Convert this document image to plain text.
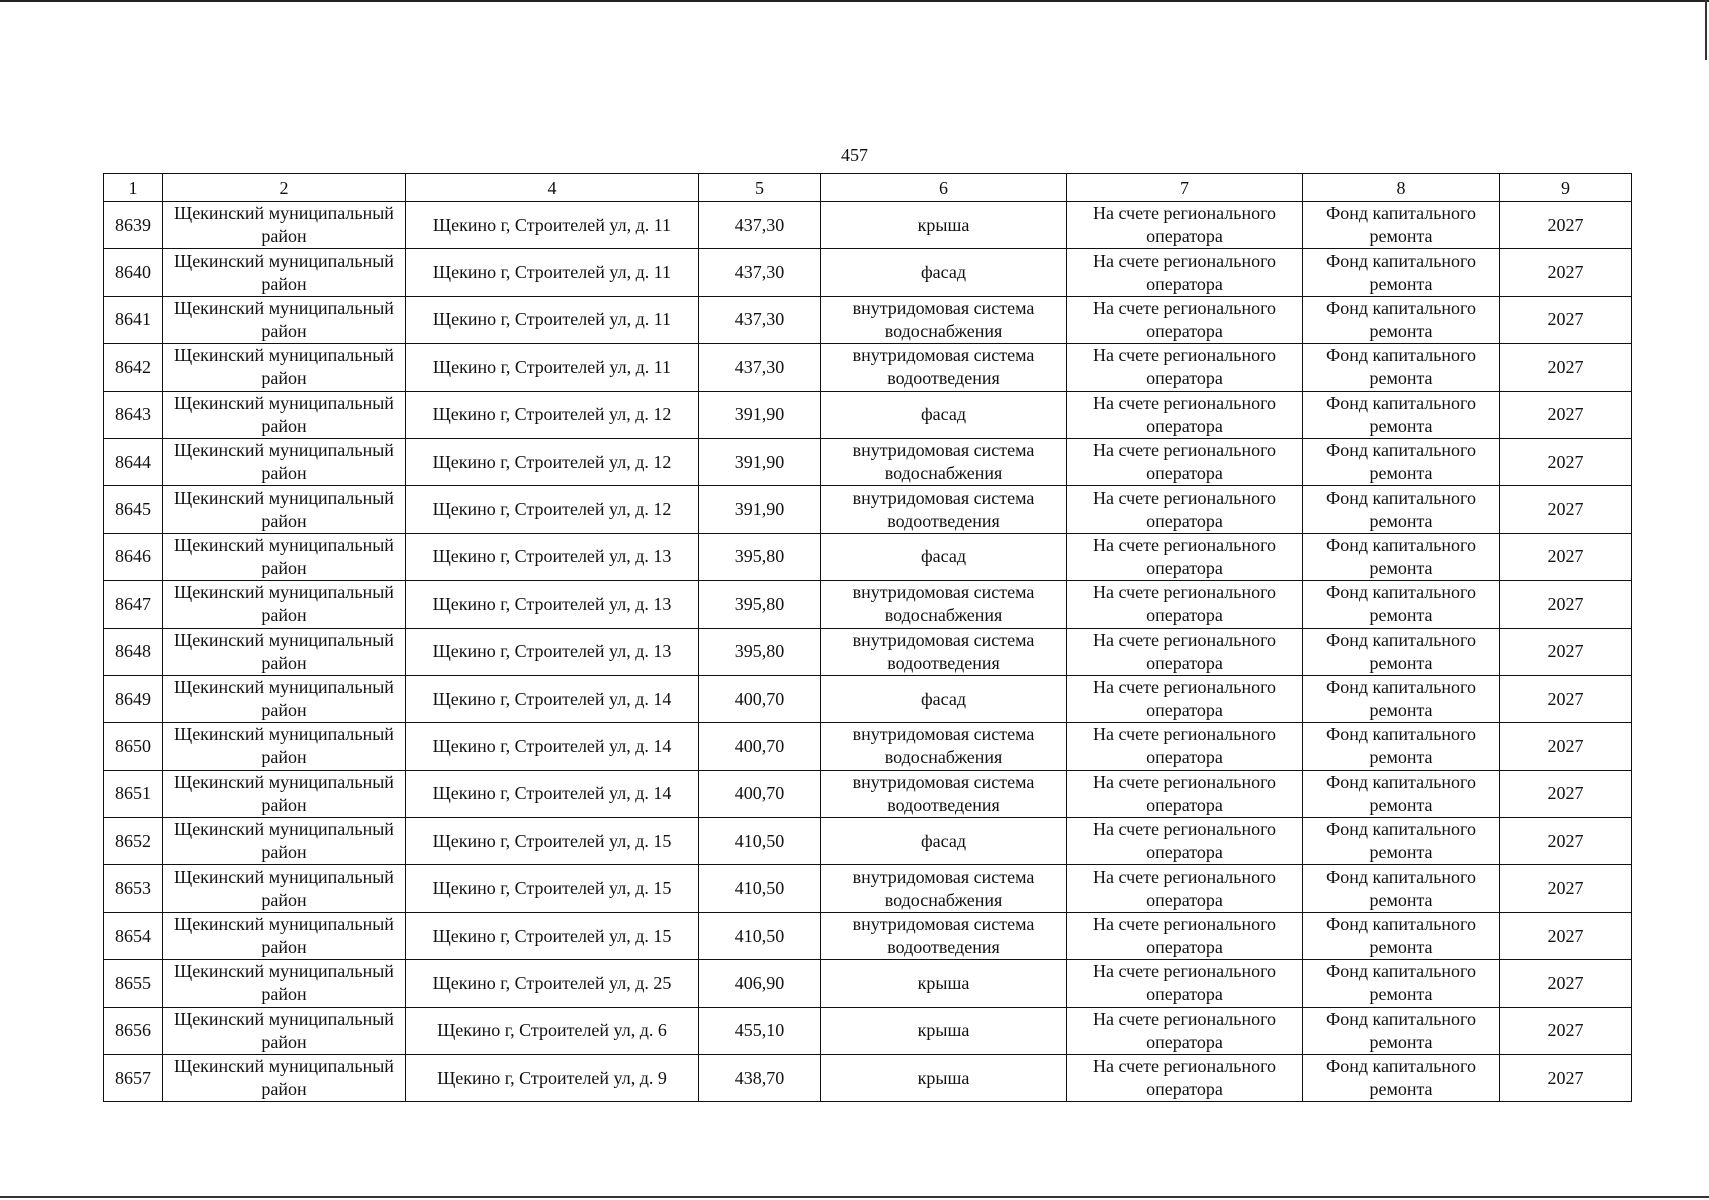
457
1	2	4	5	6	7	8	9
8639	Щекинский муниципальный район	Щекино г, Строителей ул, д. 11	437,30	крыша	На счете регионального оператора	Фонд капитального ремонта	2027
8640	Щекинский муниципальный район	Щекино г, Строителей ул, д. 11	437,30	фасад	На счете регионального оператора	Фонд капитального ремонта	2027
8641	Щекинский муниципальный район	Щекино г, Строителей ул, д. 11	437,30	внутридомовая система водоснабжения	На счете регионального оператора	Фонд капитального ремонта	2027
8642	Щекинский муниципальный район	Щекино г, Строителей ул, д. 11	437,30	внутридомовая система водоотведения	На счете регионального оператора	Фонд капитального ремонта	2027
8643	Щекинский муниципальный район	Щекино г, Строителей ул, д. 12	391,90	фасад	На счете регионального оператора	Фонд капитального ремонта	2027
8644	Щекинский муниципальный район	Щекино г, Строителей ул, д. 12	391,90	внутридомовая система водоснабжения	На счете регионального оператора	Фонд капитального ремонта	2027
8645	Щекинский муниципальный район	Щекино г, Строителей ул, д. 12	391,90	внутридомовая система водоотведения	На счете регионального оператора	Фонд капитального ремонта	2027
8646	Щекинский муниципальный район	Щекино г, Строителей ул, д. 13	395,80	фасад	На счете регионального оператора	Фонд капитального ремонта	2027
8647	Щекинский муниципальный район	Щекино г, Строителей ул, д. 13	395,80	внутридомовая система водоснабжения	На счете регионального оператора	Фонд капитального ремонта	2027
8648	Щекинский муниципальный район	Щекино г, Строителей ул, д. 13	395,80	внутридомовая система водоотведения	На счете регионального оператора	Фонд капитального ремонта	2027
8649	Щекинский муниципальный район	Щекино г, Строителей ул, д. 14	400,70	фасад	На счете регионального оператора	Фонд капитального ремонта	2027
8650	Щекинский муниципальный район	Щекино г, Строителей ул, д. 14	400,70	внутридомовая система водоснабжения	На счете регионального оператора	Фонд капитального ремонта	2027
8651	Щекинский муниципальный район	Щекино г, Строителей ул, д. 14	400,70	внутридомовая система водоотведения	На счете регионального оператора	Фонд капитального ремонта	2027
8652	Щекинский муниципальный район	Щекино г, Строителей ул, д. 15	410,50	фасад	На счете регионального оператора	Фонд капитального ремонта	2027
8653	Щекинский муниципальный район	Щекино г, Строителей ул, д. 15	410,50	внутридомовая система водоснабжения	На счете регионального оператора	Фонд капитального ремонта	2027
8654	Щекинский муниципальный район	Щекино г, Строителей ул, д. 15	410,50	внутридомовая система водоотведения	На счете регионального оператора	Фонд капитального ремонта	2027
8655	Щекинский муниципальный район	Щекино г, Строителей ул, д. 25	406,90	крыша	На счете регионального оператора	Фонд капитального ремонта	2027
8656	Щекинский муниципальный район	Щекино г, Строителей ул, д. 6	455,10	крыша	На счете регионального оператора	Фонд капитального ремонта	2027
8657	Щекинский муниципальный район	Щекино г, Строителей ул, д. 9	438,70	крыша	На счете регионального оператора	Фонд капитального ремонта	2027
